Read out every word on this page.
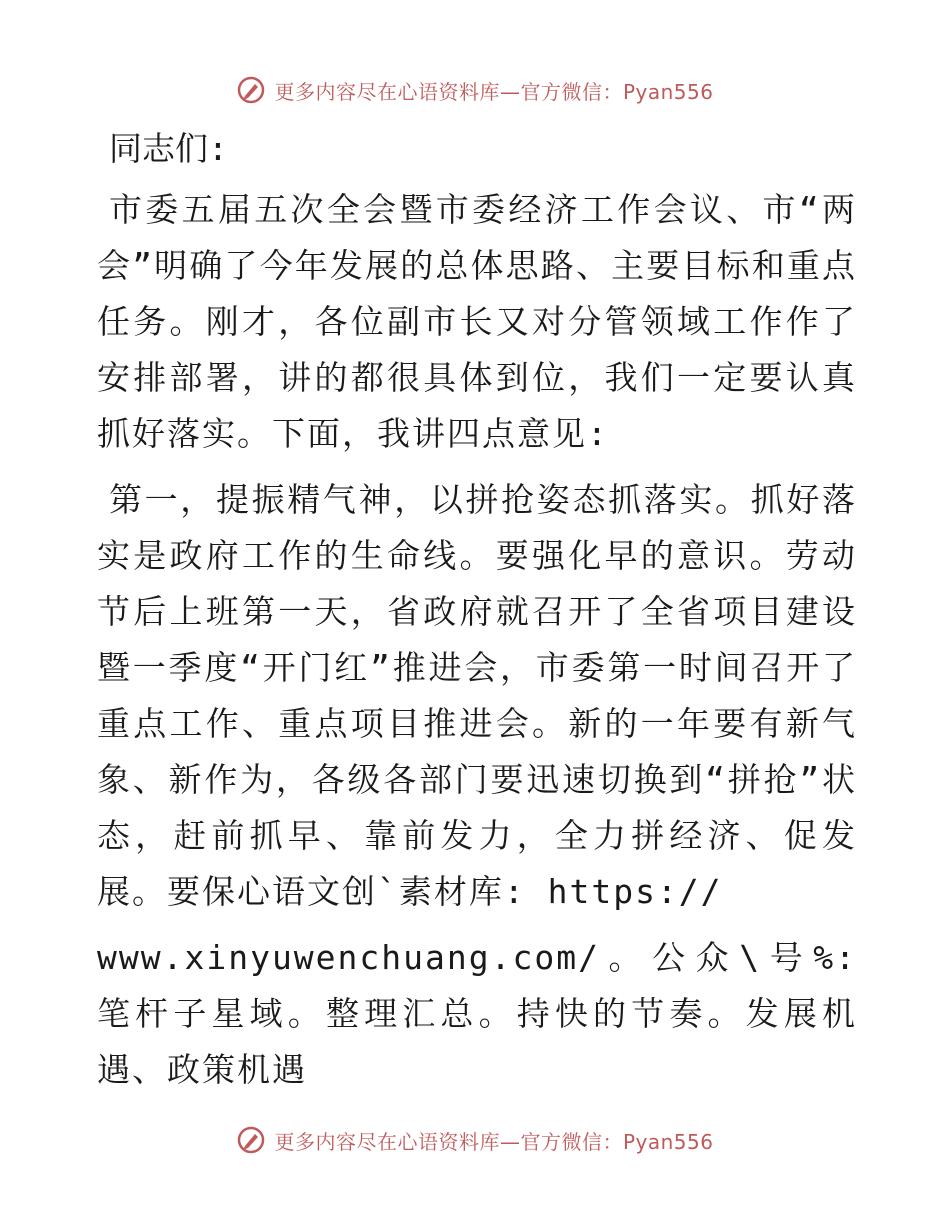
更多内容尽在心语资料库—官方微信：Pyan556

同志们:

市委五届五次全会暨市委经济工作会议、市“两会”明确了今年发展的总体思路、主要目标和重点任务。刚才，各位副市长又对分管领域工作作了安排部署，讲的都很具体到位，我们一定要认真抓好落实。下面，我讲四点意见:

第一，提振精气神，以拼抢姿态抓落实。抓好落实是政府工作的生命线。要强化早的意识。劳动节后上班第一天，省政府就召开了全省项目建设暨一季度“开门红”推进会，市委第一时间召开了重点工作、重点项目推进会。新的一年要有新气象、新作为，各级各部门要迅速切换到“拼抢”状态，赶前抓早、靠前发力，全力拼经济、促发展。要保心语文创`素材库: https://

www.xinyuwenchuang.com/。公众\号%: 笔杆子星域。整理汇总。持快的节奏。发展机遇、政策机遇

更多内容尽在心语资料库—官方微信：Pyan556
